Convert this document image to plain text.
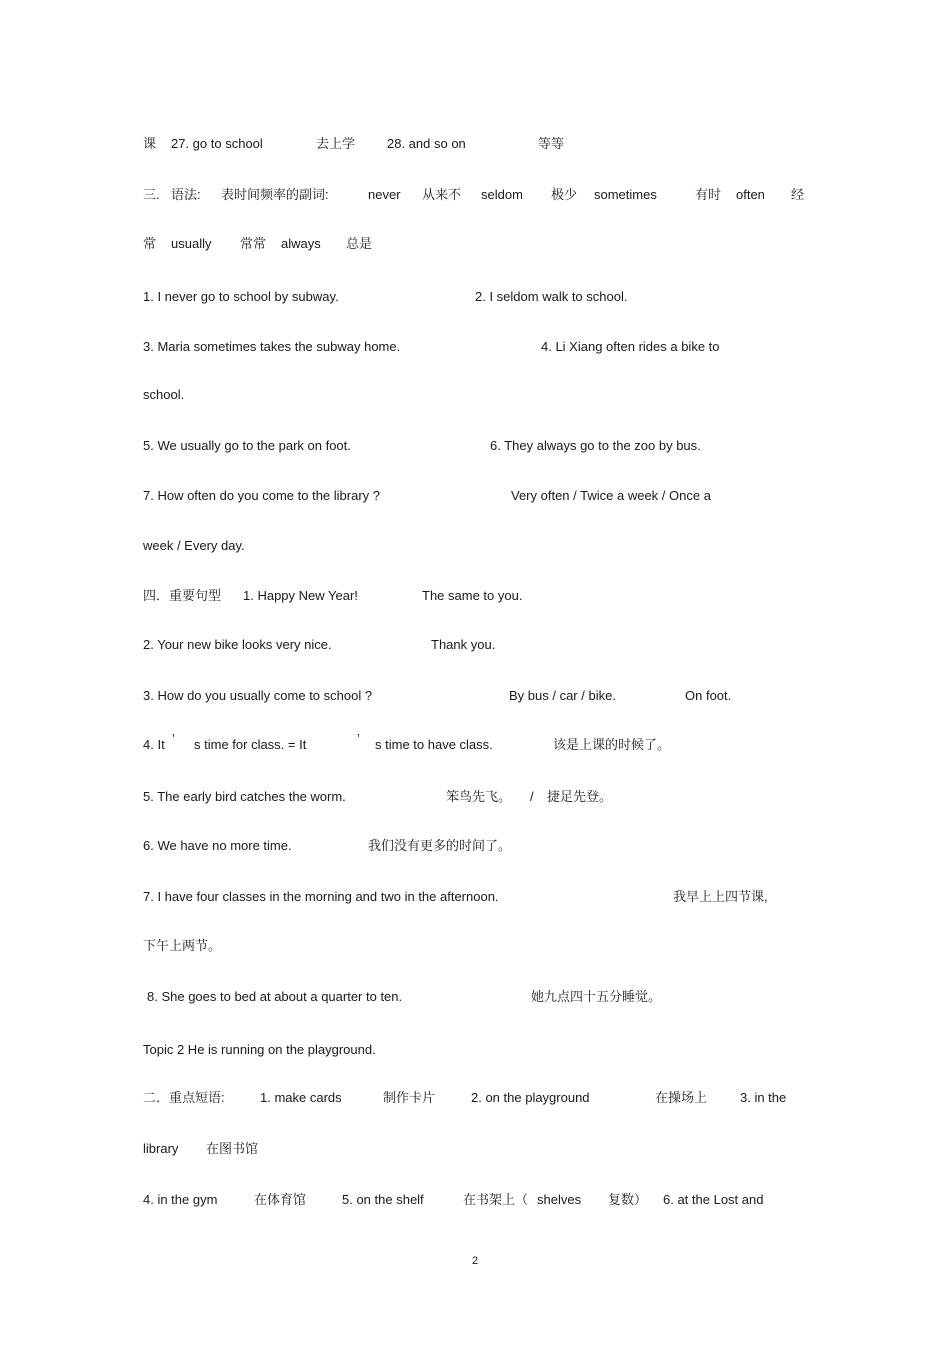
课 27. go to school	去上学 28. and so on	等等
三. 语法: 表时间频率的副词:	never 从来不 seldom 极少 sometimes	有时 often 经
常 usually 常常 always 总是
1. I never go to school by subway.	2. I seldom walk to school.
3. Maria sometimes takes the subway home.	4. Li Xiang often rides a bike to
school.
5. We usually go to the park on foot.	6. They always go to the zoo by bus.
7. How often do you come to the library ?	Very often / Twice a week / Once a
week / Every day.
四．重要句型 1. Happy New Year!	The same to you.
2. Your new bike looks very nice.	Thank you.
3. How do you usually come to school ?	By bus / car / bike.	On foot.
4. It ’ s time for class. = It	’ s time to have class.	该是上课的时候了。
5. The early bird catches the worm.	笨鸟先飞。 / 捷足先登。
6. We have no more time.	我们没有更多的时间了。
7. I have four classes in the morning and two in the afternoon.	我早上上四节课,
下午上两节。
8. She goes to bed at about a quarter to ten.	她九点四十五分睡觉。
Topic 2 He is running on the playground.
二．重点短语:	1. make cards	制作卡片	2. on the playground	在操场上	3. in the
library 在图书馆
4. in the gym	在体育馆	5. on the shelf	在书架上（ shelves 复数） 6. at the Lost and
2
